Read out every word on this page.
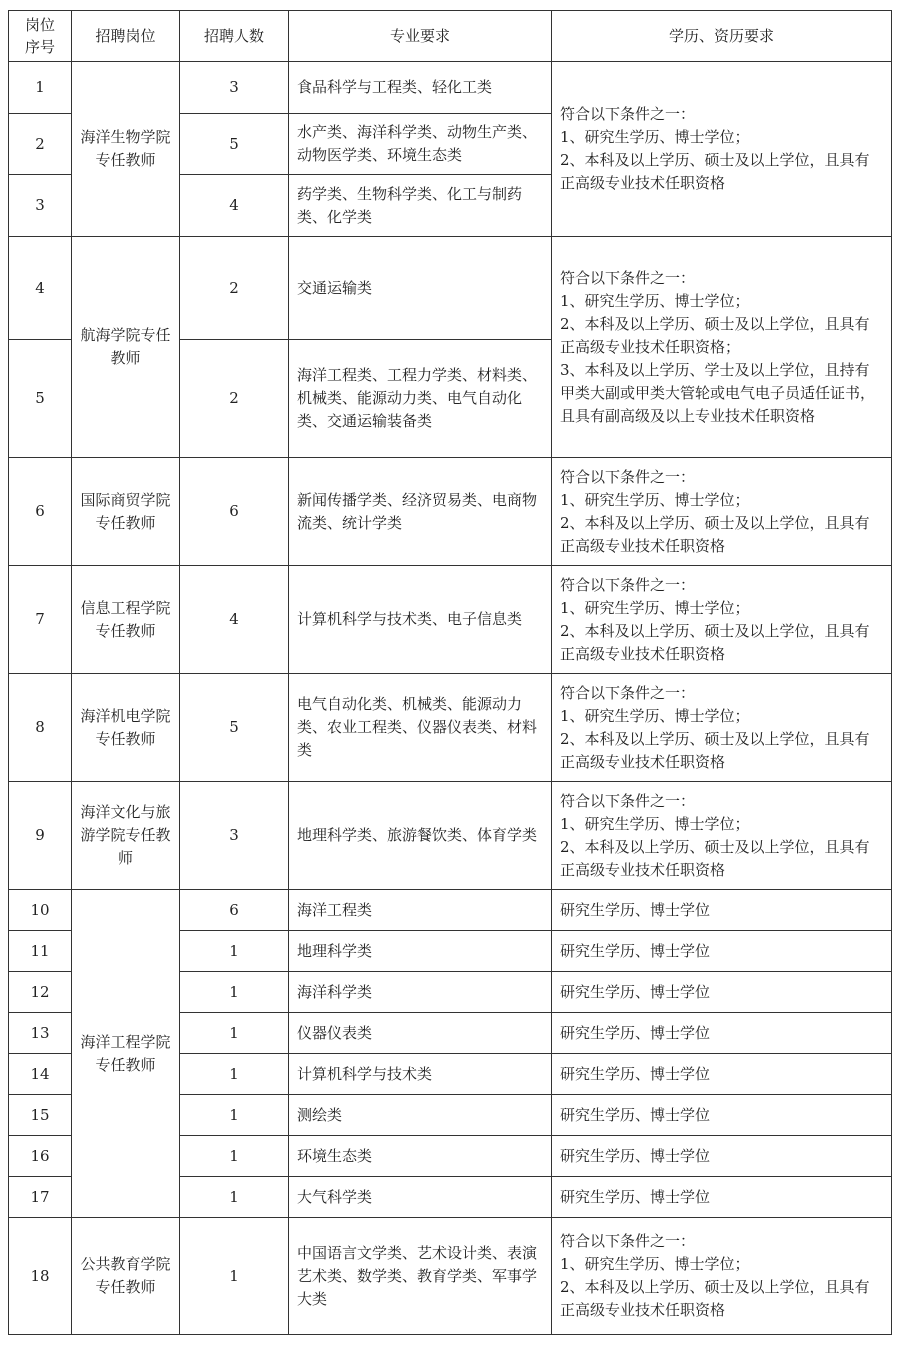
岗位
序号	招聘岗位	招聘人数	专业要求	学历、资历要求
1	海洋生物学院专任教师	3	食品科学与工程类、轻化工类	符合以下条件之一：
1、研究生学历、博士学位；
2、本科及以上学历、硕士及以上学位，且具有正高级专业技术任职资格

2		5	水产类、海洋科学类、动物生产类、动物医学类、环境生态类	
3		4	药学类、生物科学类、化工与制药类、化学类	
4	航海学院专任教师	2	交通运输类	符合以下条件之一：
1、研究生学历、博士学位；
2、本科及以上学历、硕士及以上学位，且具有正高级专业技术任职资格；
3、本科及以上学历、学士及以上学位，且持有甲类大副或甲类大管轮或电气电子员适任证书，且具有副高级及以上专业技术任职资格

5		2	海洋工程类、工程力学类、材料类、机械类、能源动力类、电气自动化类、交通运输装备类	
6	国际商贸学院专任教师	6	新闻传播学类、经济贸易类、电商物流类、统计学类	符合以下条件之一：
1、研究生学历、博士学位；
2、本科及以上学历、硕士及以上学位，且具有正高级专业技术任职资格

7	信息工程学院专任教师	4	计算机科学与技术类、电子信息类	符合以下条件之一：
1、研究生学历、博士学位；
2、本科及以上学历、硕士及以上学位，且具有正高级专业技术任职资格

8	海洋机电学院专任教师	5	电气自动化类、机械类、能源动力类、农业工程类、仪器仪表类、材料类	符合以下条件之一：
1、研究生学历、博士学位；
2、本科及以上学历、硕士及以上学位，且具有正高级专业技术任职资格

9	海洋文化与旅游学院专任教师	3	地理科学类、旅游餐饮类、体育学类	符合以下条件之一：
1、研究生学历、博士学位；
2、本科及以上学历、硕士及以上学位，且具有正高级专业技术任职资格

10	海洋工程学院专任教师	6	海洋工程类	研究生学历、博士学位
11		1	地理科学类	研究生学历、博士学位
12		1	海洋科学类	研究生学历、博士学位
13		1	仪器仪表类	研究生学历、博士学位
14		1	计算机科学与技术类	研究生学历、博士学位
15		1	测绘类	研究生学历、博士学位
16		1	环境生态类	研究生学历、博士学位
17		1	大气科学类	研究生学历、博士学位
18	公共教育学院专任教师	1	中国语言文学类、艺术设计类、表演艺术类、数学类、教育学类、军事学大类	符合以下条件之一：
1、研究生学历、博士学位；
2、本科及以上学历、硕士及以上学位，且具有正高级专业技术任职资格
